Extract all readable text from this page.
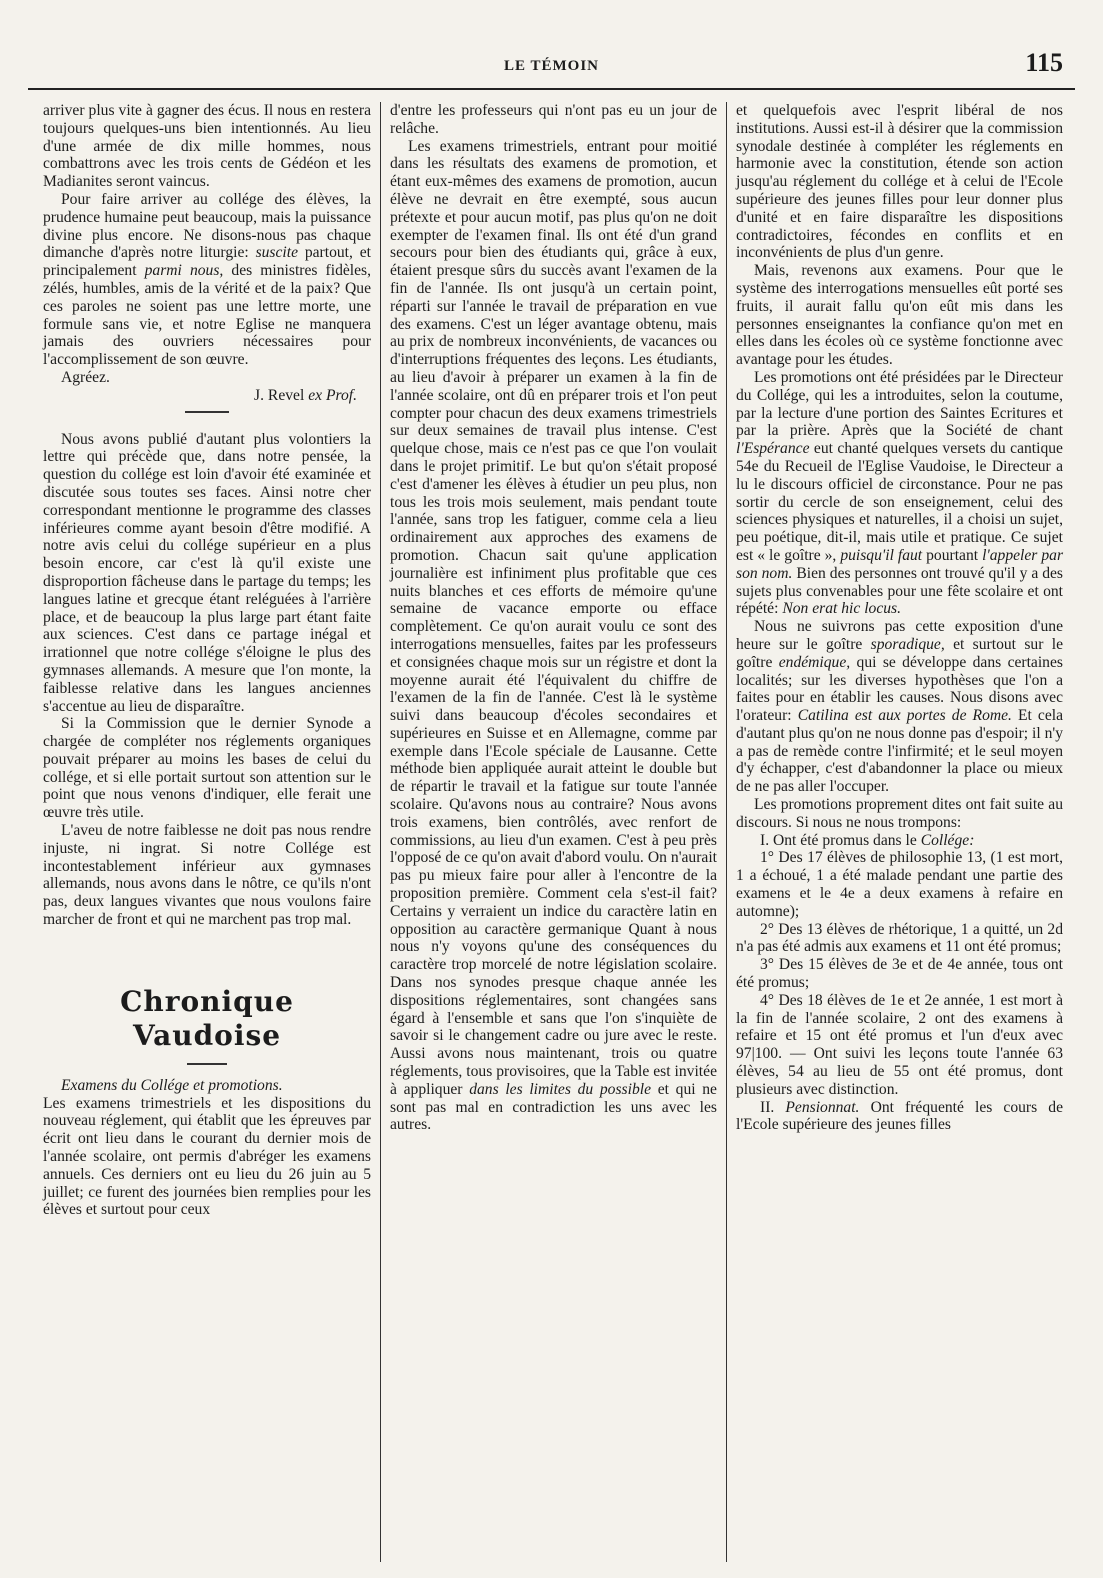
LE TÉMOIN	115

arriver plus vite à gagner des écus. Il nous en restera toujours quelques-uns bien intentionnés. Au lieu d'une armée de dix mille hommes, nous combattrons avec les trois cents de Gédéon et les Madianites seront vaincus.

Pour faire arriver au collége des élèves, la prudence humaine peut beaucoup, mais la puissance divine plus encore. Ne disons-nous pas chaque dimanche d'après notre liturgie: suscite partout, et principalement parmi nous, des ministres fidèles, zélés, humbles, amis de la vérité et de la paix? Que ces paroles ne soient pas une lettre morte, une formule sans vie, et notre Eglise ne manquera jamais des ouvriers nécessaires pour l'accomplissement de son œuvre.

Agréez.

J. Revel ex Prof.

Nous avons publié d'autant plus volontiers la lettre qui précède que, dans notre pensée, la question du collége est loin d'avoir été examinée et discutée sous toutes ses faces. Ainsi notre cher correspondant mentionne le programme des classes inférieures comme ayant besoin d'être modifié. A notre avis celui du collége supérieur en a plus besoin encore, car c'est là qu'il existe une disproportion fâcheuse dans le partage du temps; les langues latine et grecque étant reléguées à l'arrière place, et de beaucoup la plus large part étant faite aux sciences. C'est dans ce partage inégal et irrationnel que notre collége s'éloigne le plus des gymnases allemands. A mesure que l'on monte, la faiblesse relative dans les langues anciennes s'accentue au lieu de disparaître.

Si la Commission que le dernier Synode a chargée de compléter nos réglements organiques pouvait préparer au moins les bases de celui du collége, et si elle portait surtout son attention sur le point que nous venons d'indiquer, elle ferait une œuvre très utile.

L'aveu de notre faiblesse ne doit pas nous rendre injuste, ni ingrat. Si notre Collége est incontestablement inférieur aux gymnases allemands, nous avons dans le nôtre, ce qu'ils n'ont pas, deux langues vivantes que nous voulons faire marcher de front et qui ne marchent pas trop mal.

Chronique Vaudoise

Examens du Collége et promotions.

Les examens trimestriels et les dispositions du nouveau réglement, qui établit que les épreuves par écrit ont lieu dans le courant du dernier mois de l'année scolaire, ont permis d'abréger les examens annuels. Ces derniers ont eu lieu du 26 juin au 5 juillet; ce furent des journées bien remplies pour les élèves et surtout pour ceux

d'entre les professeurs qui n'ont pas eu un jour de relâche.

Les examens trimestriels, entrant pour moitié dans les résultats des examens de promotion, et étant eux-mêmes des examens de promotion, aucun élève ne devrait en être exempté, sous aucun prétexte et pour aucun motif, pas plus qu'on ne doit exempter de l'examen final. Ils ont été d'un grand secours pour bien des étudiants qui, grâce à eux, étaient presque sûrs du succès avant l'examen de la fin de l'année. Ils ont jusqu'à un certain point, réparti sur l'année le travail de préparation en vue des examens. C'est un léger avantage obtenu, mais au prix de nombreux inconvénients, de vacances ou d'interruptions fréquentes des leçons. Les étudiants, au lieu d'avoir à préparer un examen à la fin de l'année scolaire, ont dû en préparer trois et l'on peut compter pour chacun des deux examens trimestriels sur deux semaines de travail plus intense. C'est quelque chose, mais ce n'est pas ce que l'on voulait dans le projet primitif. Le but qu'on s'était proposé c'est d'amener les élèves à étudier un peu plus, non tous les trois mois seulement, mais pendant toute l'année, sans trop les fatiguer, comme cela a lieu ordinairement aux approches des examens de promotion. Chacun sait qu'une application journalière est infiniment plus profitable que ces nuits blanches et ces efforts de mémoire qu'une semaine de vacance emporte ou efface complètement. Ce qu'on aurait voulu ce sont des interrogations mensuelles, faites par les professeurs et consignées chaque mois sur un régistre et dont la moyenne aurait été l'équivalent du chiffre de l'examen de la fin de l'année. C'est là le système suivi dans beaucoup d'écoles secondaires et supérieures en Suisse et en Allemagne, comme par exemple dans l'Ecole spéciale de Lausanne. Cette méthode bien appliquée aurait atteint le double but de répartir le travail et la fatigue sur toute l'année scolaire. Qu'avons nous au contraire? Nous avons trois examens, bien contrôlés, avec renfort de commissions, au lieu d'un examen. C'est à peu près l'opposé de ce qu'on avait d'abord voulu. On n'aurait pas pu mieux faire pour aller à l'encontre de la proposition première. Comment cela s'est-il fait? Certains y verraient un indice du caractère latin en opposition au caractère germanique Quant à nous nous n'y voyons qu'une des conséquences du caractère trop morcelé de notre législation scolaire. Dans nos synodes presque chaque année les dispositions réglementaires, sont changées sans égard à l'ensemble et sans que l'on s'inquiète de savoir si le changement cadre ou jure avec le reste. Aussi avons nous maintenant, trois ou quatre réglements, tous provisoires, que la Table est invitée à appliquer dans les limites du possible et qui ne sont pas mal en contradiction les uns avec les autres.

et quelquefois avec l'esprit libéral de nos institutions. Aussi est-il à désirer que la commission synodale destinée à compléter les réglements en harmonie avec la constitution, étende son action jusqu'au réglement du collége et à celui de l'Ecole supérieure des jeunes filles pour leur donner plus d'unité et en faire disparaître les dispositions contradictoires, fécondes en conflits et en inconvénients de plus d'un genre.

Mais, revenons aux examens. Pour que le système des interrogations mensuelles eût porté ses fruits, il aurait fallu qu'on eût mis dans les personnes enseignantes la confiance qu'on met en elles dans les écoles où ce système fonctionne avec avantage pour les études.

Les promotions ont été présidées par le Directeur du Collége, qui les a introduites, selon la coutume, par la lecture d'une portion des Saintes Ecritures et par la prière. Après que la Société de chant l'Espérance eut chanté quelques versets du cantique 54e du Recueil de l'Eglise Vaudoise, le Directeur a lu le discours officiel de circonstance. Pour ne pas sortir du cercle de son enseignement, celui des sciences physiques et naturelles, il a choisi un sujet, peu poétique, dit-il, mais utile et pratique. Ce sujet est « le goître », puisqu'il faut pourtant l'appeler par son nom. Bien des personnes ont trouvé qu'il y a des sujets plus convenables pour une fête scolaire et ont répété: Non erat hic locus.

Nous ne suivrons pas cette exposition d'une heure sur le goître sporadique, et surtout sur le goître endémique, qui se développe dans certaines localités; sur les diverses hypothèses que l'on a faites pour en établir les causes. Nous disons avec l'orateur: Catilina est aux portes de Rome. Et cela d'autant plus qu'on ne nous donne pas d'espoir; il n'y a pas de remède contre l'infirmité; et le seul moyen d'y échapper, c'est d'abandonner la place ou mieux de ne pas aller l'occuper.

Les promotions proprement dites ont fait suite au discours. Si nous ne nous trompons:

I. Ont été promus dans le Collége:

1° Des 17 élèves de philosophie 13, (1 est mort, 1 a échoué, 1 a été malade pendant une partie des examens et le 4e a deux examens à refaire en automne);

2° Des 13 élèves de rhétorique, 1 a quitté, un 2d n'a pas été admis aux examens et 11 ont été promus;

3° Des 15 élèves de 3e et de 4e année, tous ont été promus;

4° Des 18 élèves de 1e et 2e année, 1 est mort à la fin de l'année scolaire, 2 ont des examens à refaire et 15 ont été promus et l'un d'eux avec 97|100. — Ont suivi les leçons toute l'année 63 élèves, 54 au lieu de 55 ont été promus, dont plusieurs avec distinction.

II. Pensionnat. Ont fréquenté les cours de l'Ecole supérieure des jeunes filles
